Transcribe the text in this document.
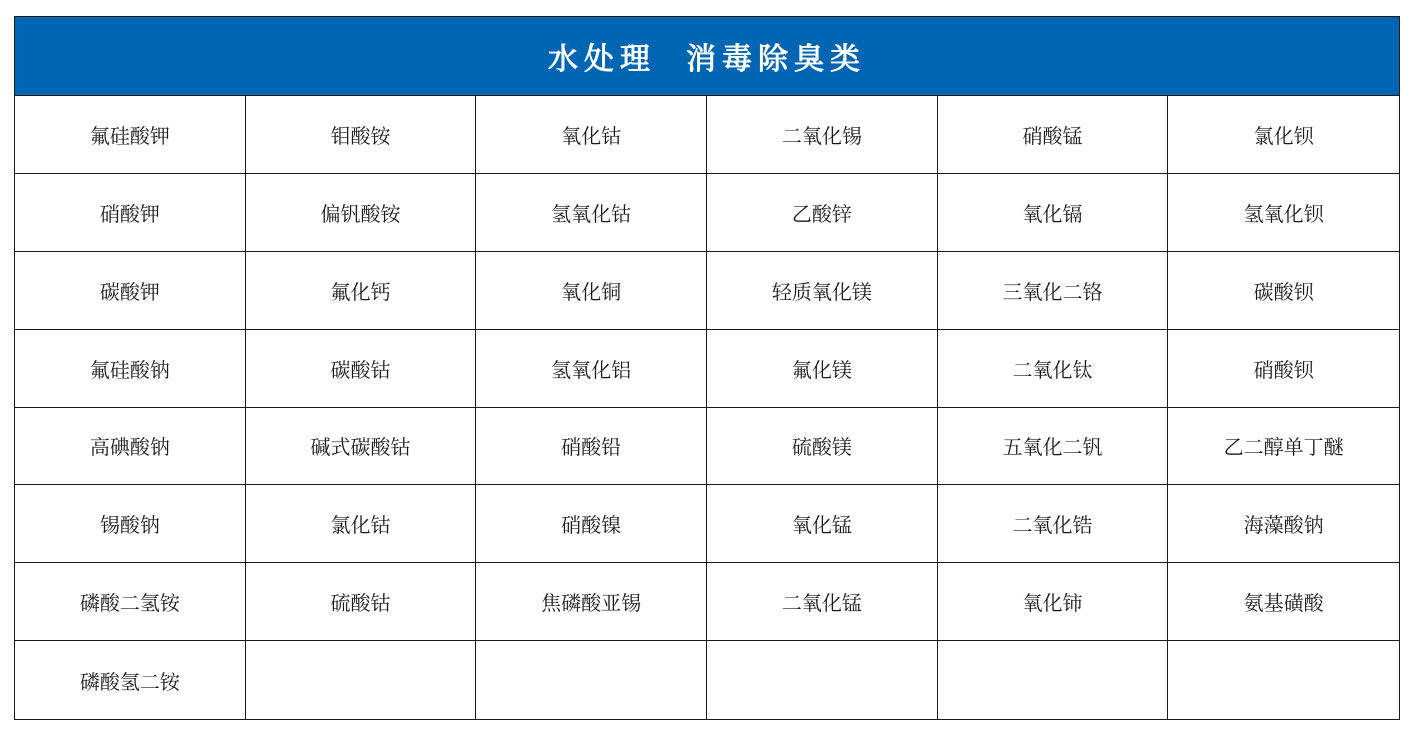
水处理 消毒除臭类
氟硅酸钾	钼酸铵	氧化钴	二氧化锡	硝酸锰	氯化钡
硝酸钾	偏钒酸铵	氢氧化钴	乙酸锌	氧化镉	氢氧化钡
碳酸钾	氟化钙	氧化铜	轻质氧化镁	三氧化二铬	碳酸钡
氟硅酸钠	碳酸钴	氢氧化铝	氟化镁	二氧化钛	硝酸钡
高碘酸钠	碱式碳酸钴	硝酸铅	硫酸镁	五氧化二钒	乙二醇单丁醚
锡酸钠	氯化钴	硝酸镍	氧化锰	二氧化锆	海藻酸钠
磷酸二氢铵	硫酸钴	焦磷酸亚锡	二氧化锰	氧化铈	氨基磺酸
磷酸氢二铵
